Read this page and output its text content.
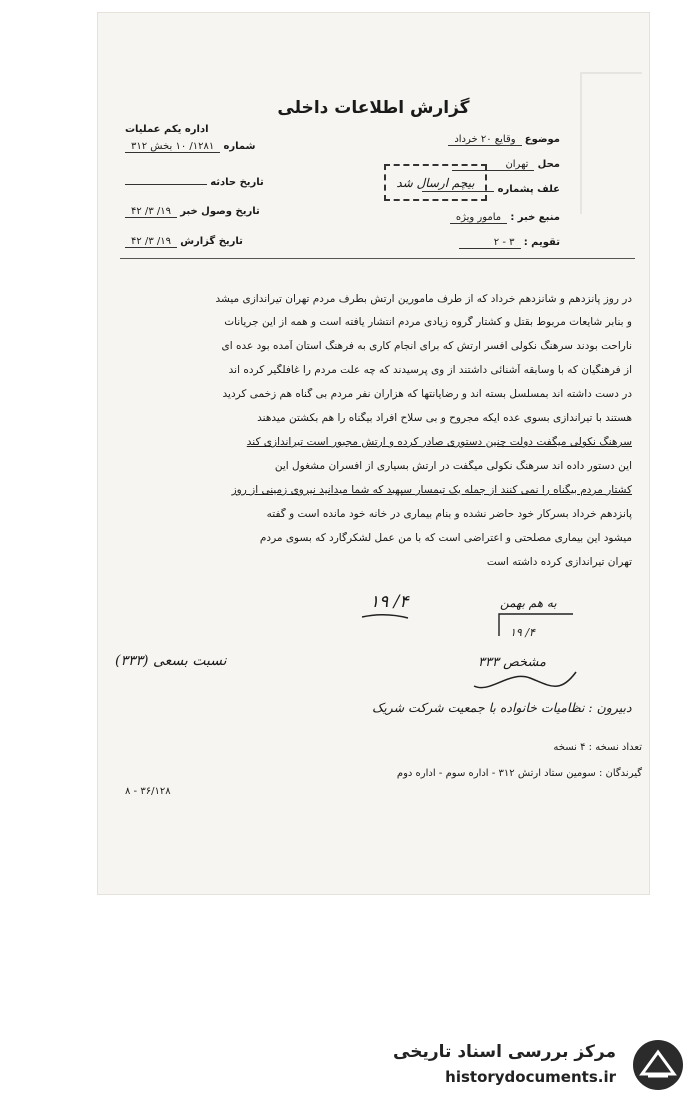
گزارش اطلاعات داخلی
موضوع وقایع ۲۰ خرداد
محل تهران
علف پشماره
منبع خبر : مامور ویژه
تقویم : ۳ - ۲
اداره یکم عملیات
شماره ۱۲۸۱/ ۱۰ بخش ۳۱۲
تاریخ حادثه
تاریخ وصول خبر ۱۹/ ۳/ ۴۲
تاریخ گزارش ۱۹/ ۳/ ۴۲
بیچم ارسال شد
در روز پانزدهم و شانزدهم خرداد که از طرف مامورین ارتش بطرف مردم تهران تیراندازی میشد
و بنابر شایعات مربوط بقتل و کشتار گروه زیادی مردم انتشار یافته است و همه از این جریانات
ناراحت بودند سرهنگ نکولی افسر ارتش که برای انجام کاری به فرهنگ استان آمده بود عده ای
از فرهنگیان که با وسابقه آشنائی داشتند از وی پرسیدند که چه علت مردم را غافلگیر کرده اند
در دست داشته اند بمسلسل بسته اند و رضایانتها که هزاران نفر مردم بی گناه هم زخمی کردید
هستند با تیراندازی بسوی عده ایکه مجروح و بی سلاح افراد بیگناه را هم بکشتن میدهند
سرهنگ نکولی میگفت دولت چنین دستوری صادر کرده و ارتش مجبور است تیراندازی کند
این دستور داده اند سرهنگ نکولی میگفت در ارتش بسیاری از افسران مشغول این
کشتار مردم بیگناه را نمی کنند از جمله یک تیمسار سپهبد که شما میدانید نیروی زمینی از روز
پانزدهم خرداد بسرکار خود حاضر نشده و بنام بیماری در خانه خود مانده است و گفته
میشود این بیماری مصلحتی و اعتراضی است که با من عمل لشکرگارد که بسوی مردم
تهران تیراندازی کرده داشته است
۴/ ۱۹	به هم بهمن
۴/ ۱۹
نسبت بسعی (۳۳۳)	مشخص ۳۳۳
دبیرون : نظامیات خانواده با جمعیت شرکت شریک
تعداد نسخه : ۴ نسخه
گیرندگان : سومین ستاد ارتش ۳۱۲ - اداره سوم - اداره دوم
۳۶/۱۲۸ - ۸
مرکز بررسی اسناد تاریخی
historydocuments.ir
